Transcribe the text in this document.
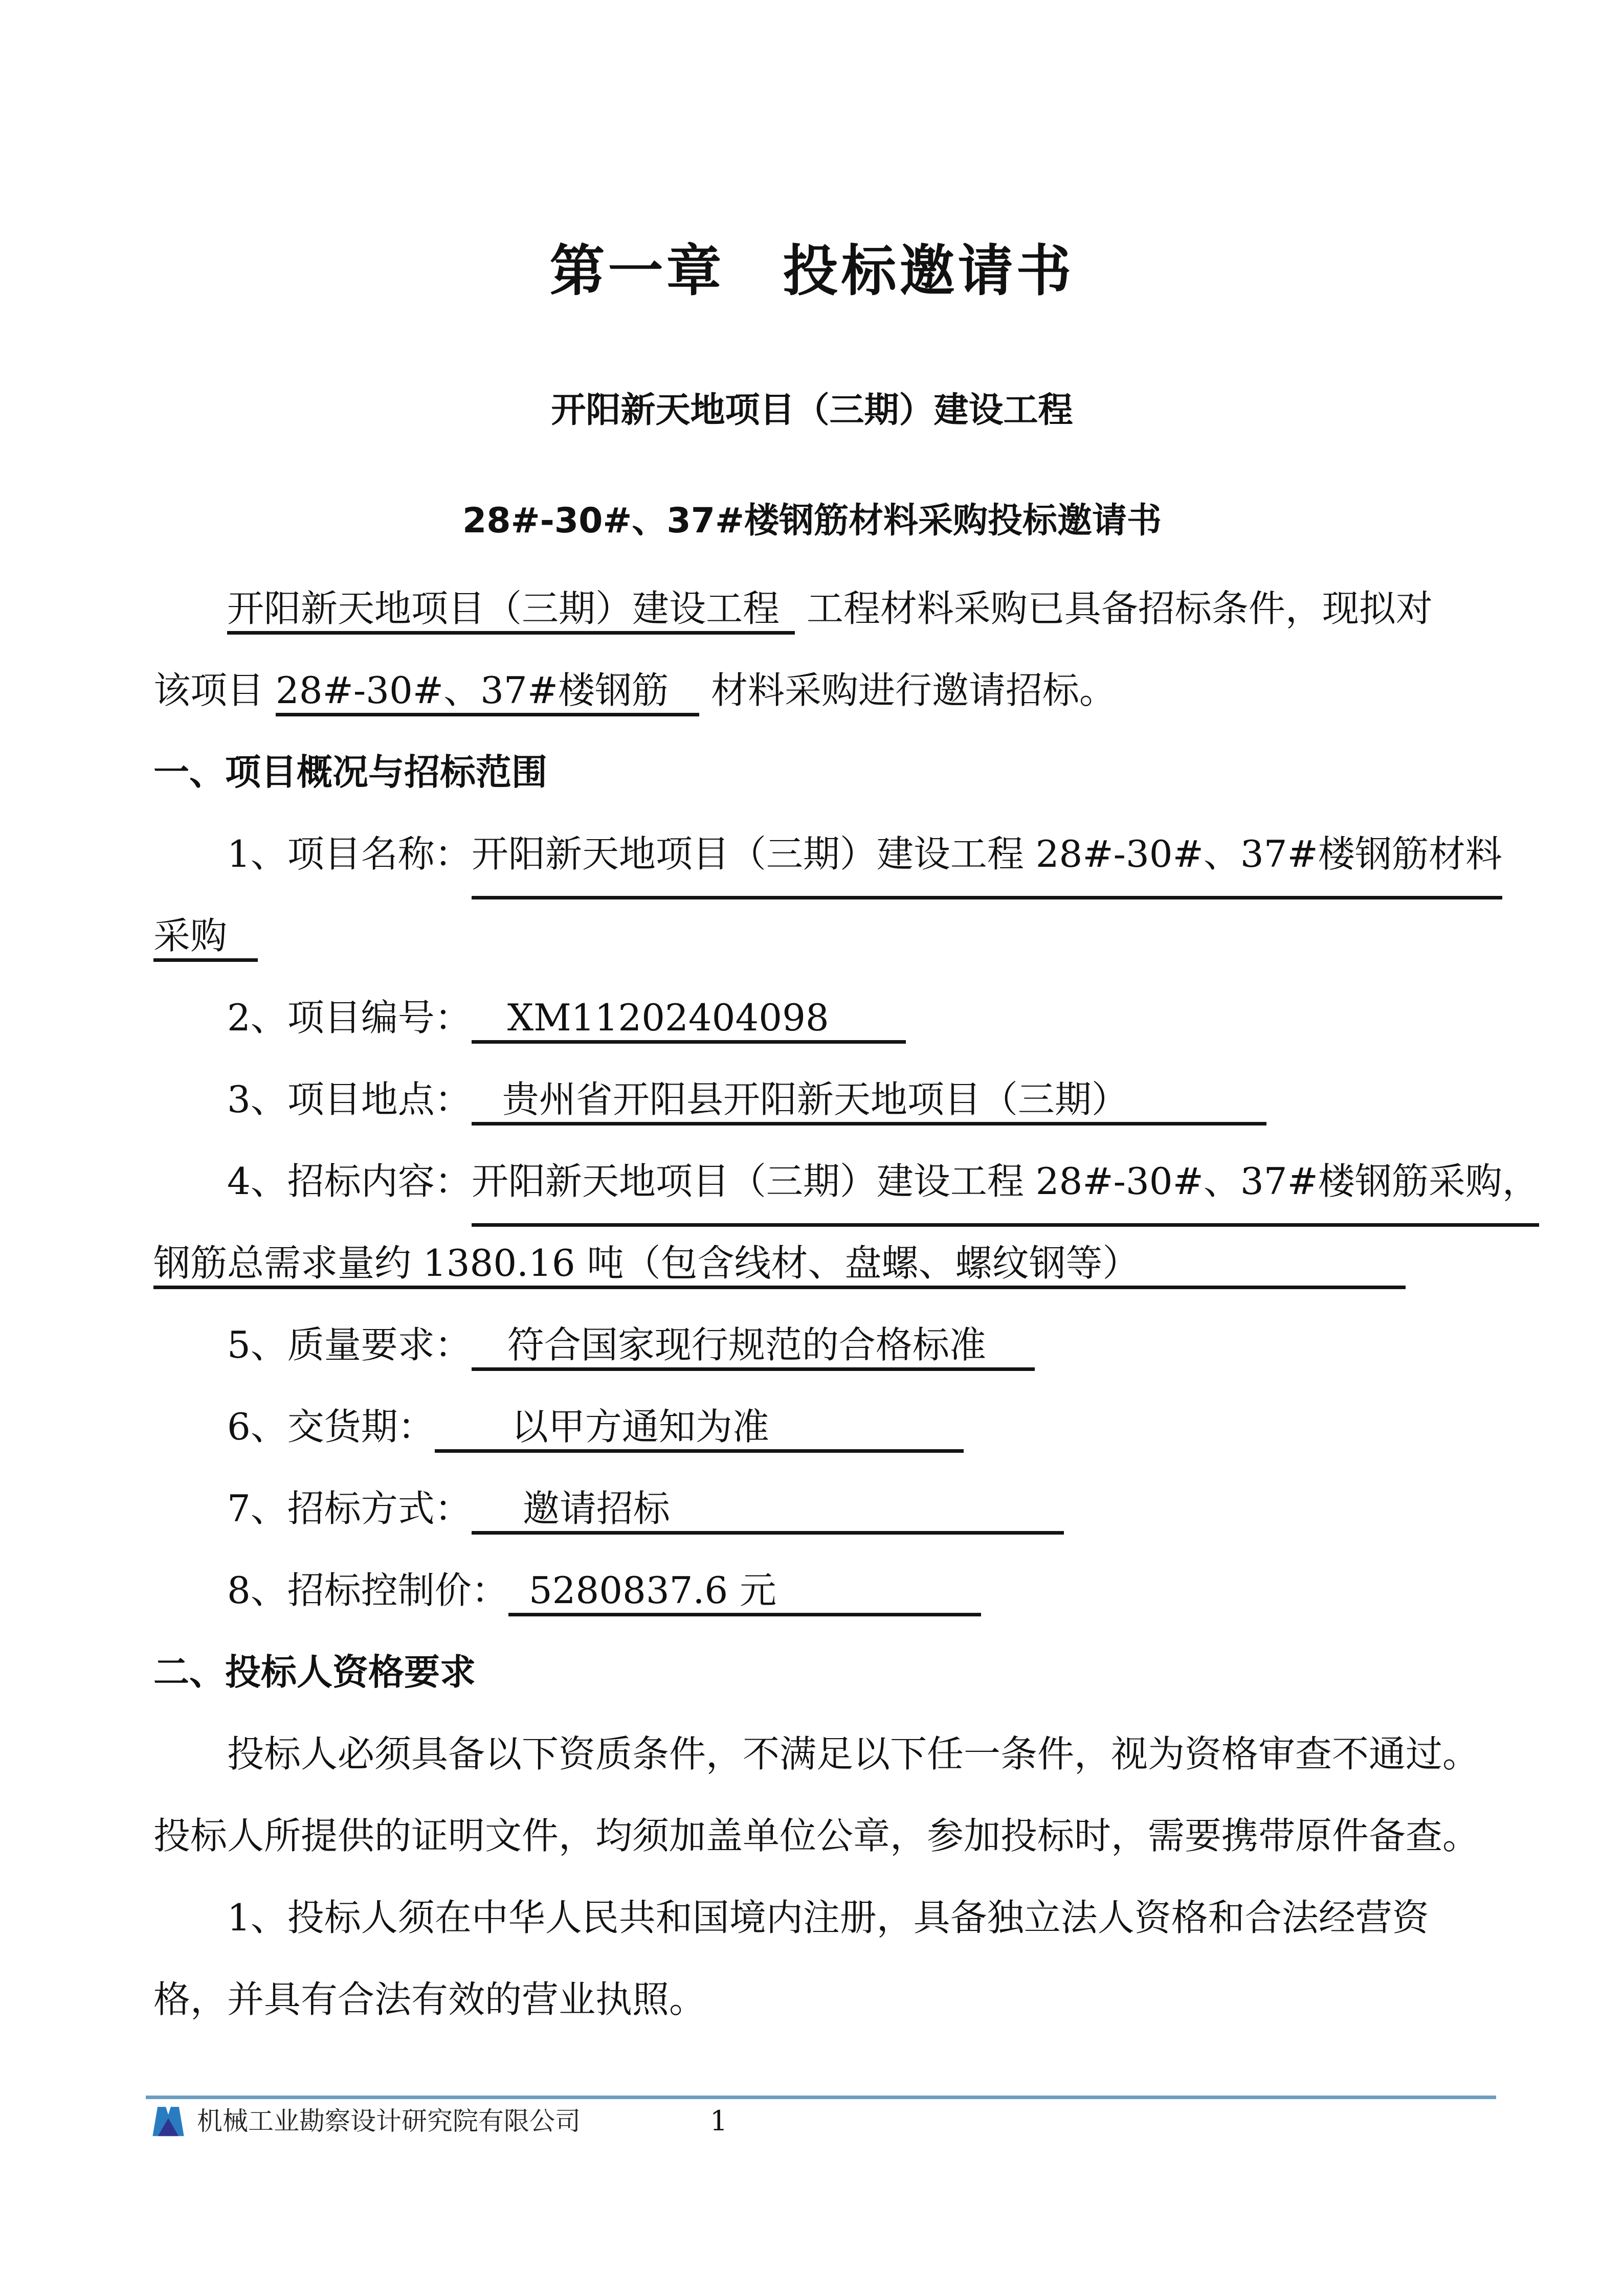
第一章　投标邀请书
开阳新天地项目（三期）建设工程
28#-30#、37#楼钢筋材料采购投标邀请书
开阳新天地项目（三期）建设工程 工程材料采购已具备招标条件，现拟对
该项目 28#-30#、37#楼钢筋 材料采购进行邀请招标。
一、项目概况与招标范围
1、项目名称： 开阳新天地项目（三期）建设工程 28#-30#、37#楼钢筋材料
采购
2、项目编号： XM11202404098
3、项目地点： 贵州省开阳县开阳新天地项目（三期）
4、招标内容： 开阳新天地项目（三期）建设工程 28#-30#、37#楼钢筋采购，
钢筋总需求量约 1380.16 吨（包含线材、盘螺、螺纹钢等）
5、质量要求： 符合国家现行规范的合格标准
6、交货期： 以甲方通知为准
7、招标方式： 邀请招标
8、招标控制价： 5280837.6 元
二、投标人资格要求
投标人必须具备以下资质条件，不满足以下任一条件，视为资格审查不通过。
投标人所提供的证明文件，均须加盖单位公章，参加投标时，需要携带原件备查。
1、投标人须在中华人民共和国境内注册，具备独立法人资格和合法经营资
格，并具有合法有效的营业执照。
机械工业勘察设计研究院有限公司	1
